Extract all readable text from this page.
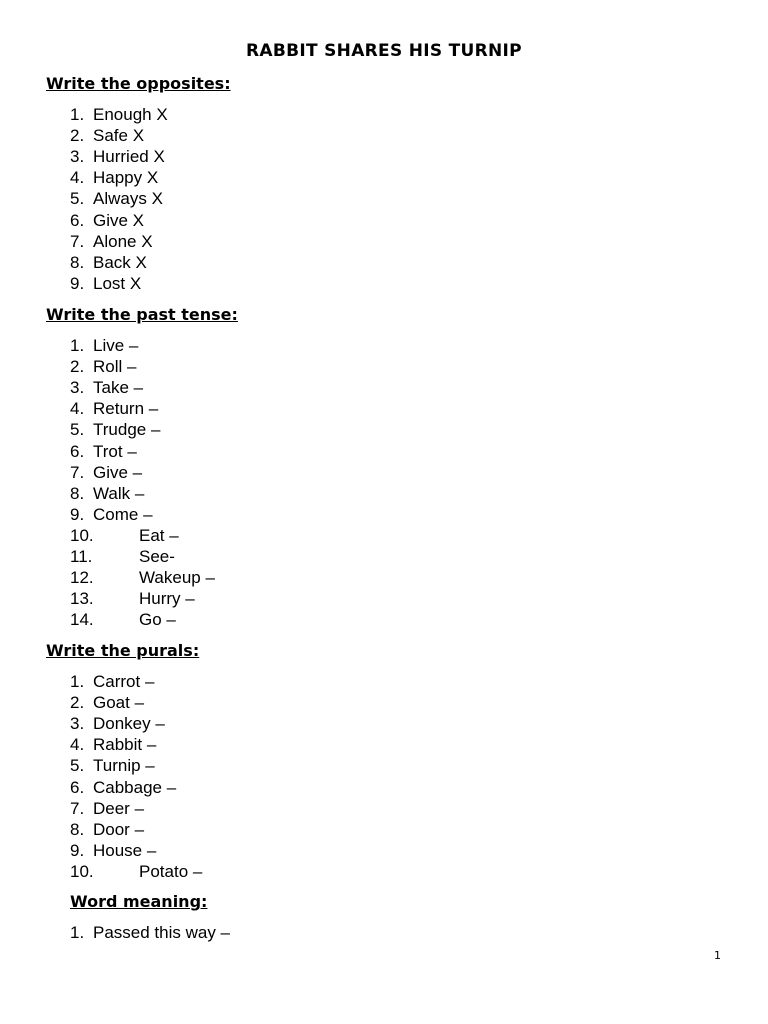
RABBIT SHARES HIS TURNIP
Write the opposites:
1. Enough X
2. Safe X
3. Hurried X
4. Happy X
5. Always X
6. Give X
7. Alone X
8. Back X
9. Lost X
Write the past tense:
1. Live –
2. Roll –
3. Take –
4. Return –
5. Trudge –
6. Trot –
7. Give –
8. Walk –
9. Come –
10.	Eat –
11.	See-
12.	Wakeup –
13.	Hurry –
14.	Go –
Write the purals:
1. Carrot –
2. Goat –
3. Donkey –
4. Rabbit –
5. Turnip –
6. Cabbage –
7. Deer –
8. Door –
9. House –
10.	Potato –
Word meaning:
1. Passed this way –
1
